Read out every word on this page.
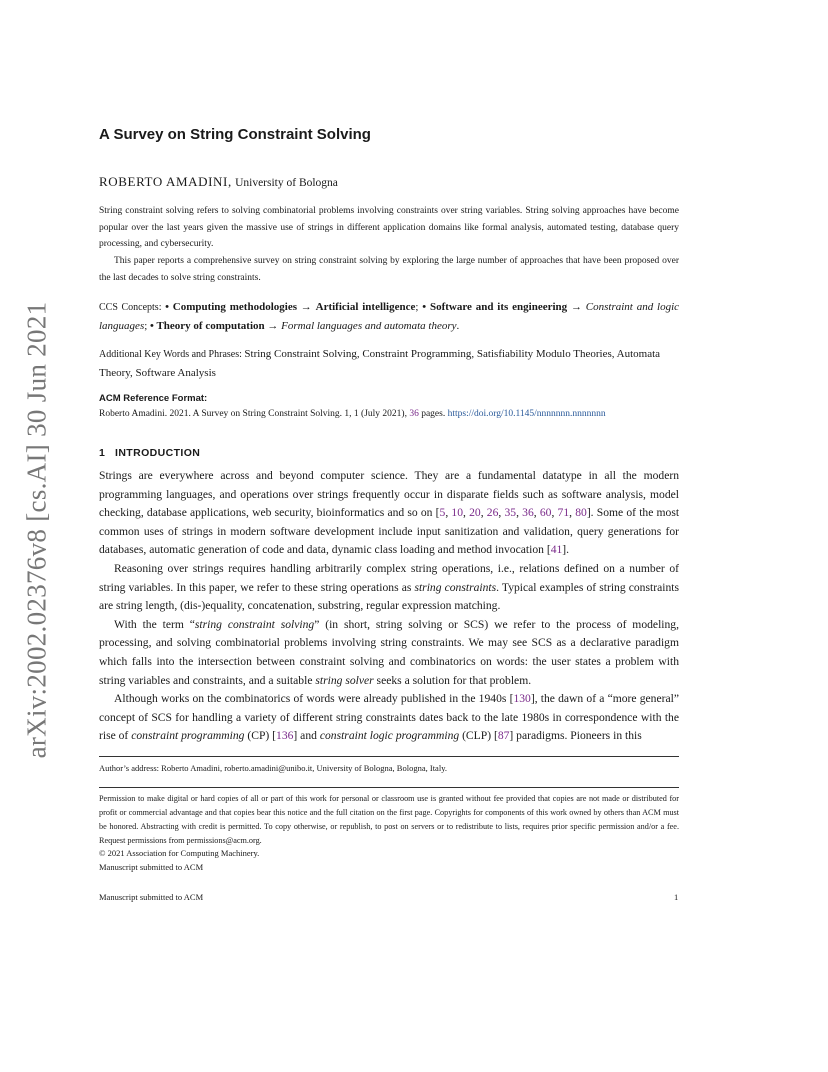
arXiv:2002.02376v8 [cs.AI] 30 Jun 2021
A Survey on String Constraint Solving
ROBERTO AMADINI, University of Bologna
String constraint solving refers to solving combinatorial problems involving constraints over string variables. String solving approaches have become popular over the last years given the massive use of strings in different application domains like formal analysis, automated testing, database query processing, and cybersecurity.
This paper reports a comprehensive survey on string constraint solving by exploring the large number of approaches that have been proposed over the last decades to solve string constraints.
CCS Concepts: • Computing methodologies → Artificial intelligence; • Software and its engineering → Constraint and logic languages; • Theory of computation → Formal languages and automata theory.
Additional Key Words and Phrases: String Constraint Solving, Constraint Programming, Satisfiability Modulo Theories, Automata Theory, Software Analysis
ACM Reference Format:
Roberto Amadini. 2021. A Survey on String Constraint Solving. 1, 1 (July 2021), 36 pages. https://doi.org/10.1145/nnnnnnn.nnnnnnn
1 INTRODUCTION

Strings are everywhere across and beyond computer science. They are a fundamental datatype in all the modern programming languages, and operations over strings frequently occur in disparate fields such as software analysis, model checking, database applications, web security, bioinformatics and so on [5, 10, 20, 26, 35, 36, 60, 71, 80]. Some of the most common uses of strings in modern software development include input sanitization and validation, query generations for databases, automatic generation of code and data, dynamic class loading and method invocation [41].

Reasoning over strings requires handling arbitrarily complex string operations, i.e., relations defined on a number of string variables. In this paper, we refer to these string operations as string constraints. Typical examples of string constraints are string length, (dis-)equality, concatenation, substring, regular expression matching.

With the term “string constraint solving” (in short, string solving or SCS) we refer to the process of modeling, processing, and solving combinatorial problems involving string constraints. We may see SCS as a declarative paradigm which falls into the intersection between constraint solving and combinatorics on words: the user states a problem with string variables and constraints, and a suitable string solver seeks a solution for that problem.

Although works on the combinatorics of words were already published in the 1940s [130], the dawn of a “more general” concept of SCS for handling a variety of different string constraints dates back to the late 1980s in correspondence with the rise of constraint programming (CP) [136] and constraint logic programming (CLP) [87] paradigms. Pioneers in this

Author’s address: Roberto Amadini, roberto.amadini@unibo.it, University of Bologna, Bologna, Italy.
Permission to make digital or hard copies of all or part of this work for personal or classroom use is granted without fee provided that copies are not made or distributed for profit or commercial advantage and that copies bear this notice and the full citation on the first page. Copyrights for components of this work owned by others than ACM must be honored. Abstracting with credit is permitted. To copy otherwise, or republish, to post on servers or to redistribute to lists, requires prior specific permission and/or a fee. Request permissions from permissions@acm.org.
© 2021 Association for Computing Machinery.
Manuscript submitted to ACM
Manuscript submitted to ACM	1
